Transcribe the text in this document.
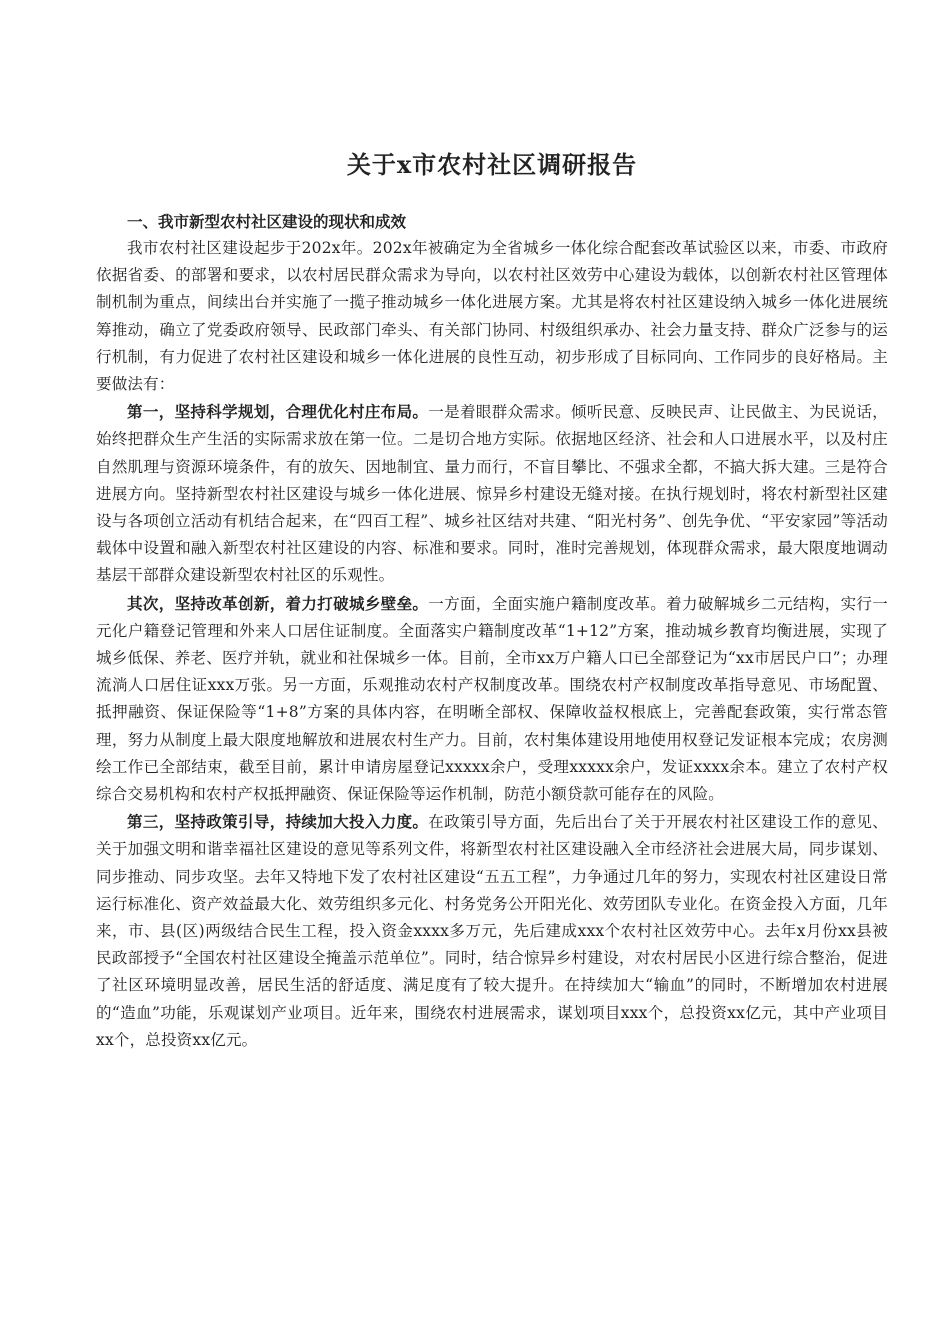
关于x市农村社区调研报告

一、我市新型农村社区建设的现状和成效

我市农村社区建设起步于202x年。202x年被确定为全省城乡一体化综合配套改革试验区以来，市委、市政府依据省委、的部署和要求，以农村居民群众需求为导向，以农村社区效劳中心建设为载体，以创新农村社区管理体制机制为重点，间续出台并实施了一揽子推动城乡一体化进展方案。尤其是将农村社区建设纳入城乡一体化进展统筹推动，确立了党委政府领导、民政部门牵头、有关部门协同、村级组织承办、社会力量支持、群众广泛参与的运行机制，有力促进了农村社区建设和城乡一体化进展的良性互动，初步形成了目标同向、工作同步的良好格局。主要做法有：

第一，坚持科学规划，合理优化村庄布局。一是着眼群众需求。倾听民意、反映民声、让民做主、为民说话，始终把群众生产生活的实际需求放在第一位。二是切合地方实际。依据地区经济、社会和人口进展水平，以及村庄自然肌理与资源环境条件，有的放矢、因地制宜、量力而行，不盲目攀比、不强求全都，不搞大拆大建。三是符合进展方向。坚持新型农村社区建设与城乡一体化进展、惊异乡村建设无缝对接。在执行规划时，将农村新型社区建设与各项创立活动有机结合起来，在“四百工程”、城乡社区结对共建、“阳光村务”、创先争优、“平安家园”等活动载体中设置和融入新型农村社区建设的内容、标准和要求。同时，准时完善规划，体现群众需求，最大限度地调动基层干部群众建设新型农村社区的乐观性。

其次，坚持改革创新，着力打破城乡壁垒。一方面，全面实施户籍制度改革。着力破解城乡二元结构，实行一元化户籍登记管理和外来人口居住证制度。全面落实户籍制度改革“1+12”方案，推动城乡教育均衡进展，实现了城乡低保、养老、医疗并轨，就业和社保城乡一体。目前，全市xx万户籍人口已全部登记为“xx市居民户口”；办理流淌人口居住证xxx万张。另一方面，乐观推动农村产权制度改革。围绕农村产权制度改革指导意见、市场配置、抵押融资、保证保险等“1+8”方案的具体内容，在明晰全部权、保障收益权根底上，完善配套政策，实行常态管理，努力从制度上最大限度地解放和进展农村生产力。目前，农村集体建设用地使用权登记发证根本完成；农房测绘工作已全部结束，截至目前，累计申请房屋登记xxxxx余户，受理xxxxx余户，发证xxxx余本。建立了农村产权综合交易机构和农村产权抵押融资、保证保险等运作机制，防范小额贷款可能存在的风险。

第三，坚持政策引导，持续加大投入力度。在政策引导方面，先后出台了关于开展农村社区建设工作的意见、关于加强文明和谐幸福社区建设的意见等系列文件，将新型农村社区建设融入全市经济社会进展大局，同步谋划、同步推动、同步攻坚。去年又特地下发了农村社区建设“五五工程”，力争通过几年的努力，实现农村社区建设日常运行标准化、资产效益最大化、效劳组织多元化、村务党务公开阳光化、效劳团队专业化。在资金投入方面，几年来，市、县(区)两级结合民生工程，投入资金xxxx多万元，先后建成xxx个农村社区效劳中心。去年x月份xx县被民政部授予“全国农村社区建设全掩盖示范单位”。同时，结合惊异乡村建设，对农村居民小区进行综合整治，促进了社区环境明显改善，居民生活的舒适度、满足度有了较大提升。在持续加大“输血”的同时，不断增加农村进展的“造血”功能，乐观谋划产业项目。近年来，围绕农村进展需求，谋划项目xxx个，总投资xx亿元，其中产业项目xx个，总投资xx亿元。
